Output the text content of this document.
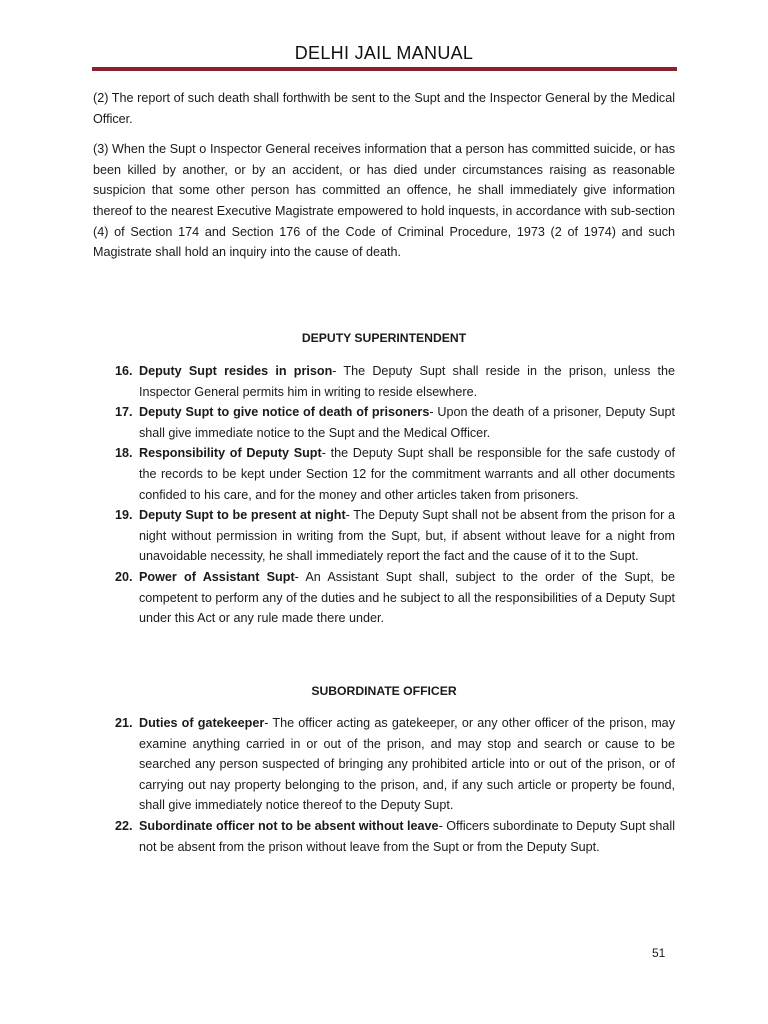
DELHI JAIL MANUAL

(2) The report of such death shall forthwith be sent to the Supt and the Inspector General by the Medical Officer.

(3) When the Supt o Inspector General receives information that a person has committed suicide, or has been killed by another, or by an accident, or has died under circumstances raising as reasonable suspicion that some other person has committed an offence, he shall immediately give information thereof to the nearest Executive Magistrate empowered to hold inquests, in accordance with sub-section (4) of Section 174 and Section 176 of the Code of Criminal Procedure, 1973 (2 of 1974) and such Magistrate shall hold an inquiry into the cause of death.

DEPUTY SUPERINTENDENT
16. Deputy Supt resides in prison- The Deputy Supt shall reside in the prison, unless the Inspector General permits him in writing to reside elsewhere.
17. Deputy Supt to give notice of death of prisoners- Upon the death of a prisoner, Deputy Supt shall give immediate notice to the Supt and the Medical Officer.
18. Responsibility of Deputy Supt- the Deputy Supt shall be responsible for the safe custody of the records to be kept under Section 12 for the commitment warrants and all other documents confided to his care, and for the money and other articles taken from prisoners.
19. Deputy Supt to be present at night- The Deputy Supt shall not be absent from the prison for a night without permission in writing from the Supt, but, if absent without leave for a night from unavoidable necessity, he shall immediately report the fact and the cause of it to the Supt.
20. Power of Assistant Supt- An Assistant Supt shall, subject to the order of the Supt, be competent to perform any of the duties and he subject to all the responsibilities of a Deputy Supt under this Act or any rule made there under.
SUBORDINATE OFFICER
21. Duties of gatekeeper- The officer acting as gatekeeper, or any other officer of the prison, may examine anything carried in or out of the prison, and may stop and search or cause to be searched any person suspected of bringing any prohibited article into or out of the prison, or of carrying out nay property belonging to the prison, and, if any such article or property be found, shall give immediately notice thereof to the Deputy Supt.
22. Subordinate officer not to be absent without leave- Officers subordinate to Deputy Supt shall not be absent from the prison without leave from the Supt or from the Deputy Supt.
51
